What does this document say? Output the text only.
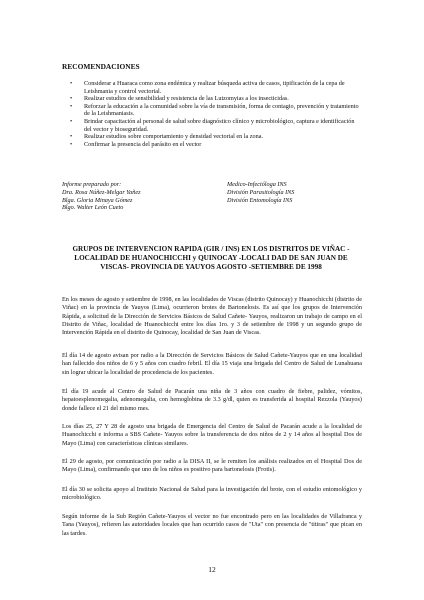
RECOMENDACIONES
• Considerar a Huaraca como zona endémica y realizar búsqueda activa de casos, tipificación de la cepa de Leishmania y control vectorial.
• Realizar estudios de sensibilidad y resistencia de las Lutzomyias a los insecticidas.
• Reforzar la educación a la comunidad sobre la vía de transmisión, forma de contagio, prevención y tratamiento de la Leishmaniasis.
• Brindar capacitación al personal de salud sobre diagnóstico clínico y microbiológico, captura e identificación del vector y bioseguridad.
• Realizar estudios sobre comportamiento y densidad vectorial en la zona.
• Confirmar la presencia del parásito en el vector
Informe preparado por:	Medico-Infectóloga INS
Dra. Rosa Núñez-Melgar Yañez	División Parasitología INS
Blga. Gloria Minaya Gómez	División Entomología INS
Blgo. Walter León Cueto
GRUPOS DE INTERVENCION RAPIDA (GIR / INS) EN LOS DISTRITOS DE VIÑAC - LOCALIDAD DE HUANOCHICCHI y QUINOCAY -LOCALI DAD DE SAN JUAN DE VISCAS- PROVINCIA DE YAUYOS AGOSTO -SETIEMBRE DE 1998

En los meses de agosto y setiembre de 1998, en las localidades de Viscas (distrito Quinocay) y Huanochicchi (distrito de Viñac) en la provincia de Yauyos (Lima), ocurrieron brotes de Bartonelosis. Es así que los grupos de Intervención Rápida, a solicitud de la Dirección de Servicios Básicos de Salud Cañete- Yauyos, realizaron un trabajo de campo en el Distrito de Viñac, localidad de Huanochicchi entre los días 1ro. y 3 de setiembre de 1998 y un segundo grupo de Intervención Rápida en el distrito de Quinocay, localidad de San Juan de Viscas.

El día 14 de agosto avisan por radio a la Dirección de Servicios Básicos de Salud Cañete-Yauyos que en una localidad han fallecido dos niños de 6 y 5 años con cuadro febril. El día 15 viaja una brigada del Centro de Salud de Lunahuana sin lograr ubicar la localidad de procedencia de los pacientes.

El día 19 acude al Centro de Salud de Pacarán una niña de 3 años con cuadro de fiebre, palidez, vómitos, hepatoesplenomegalia, adenomegalia, con hemoglobina de 3.3 g/dl, quien es transferida al hospital Rezzola (Yauyos) donde fallece el 21 del mismo mes.

Los días 25, 27 Y 28 de agosto una brigada de Emergencia del Centro de Salud de Pacarán acude a la localidad de Huanochicchi e informa a SBS Cañete- Yauyos sobre la transferencia de dos niños de 2 y 14 años al hospital Dos de Mayo (Lima) con características clínicas similares.

El 29 de agosto, por comunicación por radio a la DISA II, se le remiten los análisis realizados en el Hospital Dos de Mayo (Lima), confirmando que uno de los niños es positivo para bartonelosis (Frotis).

El día 30 se solicita apoyo al Instituto Nacional de Salud para la investigación del brote, con el estudio entomológico y microbiológico.

Según informe de la Sub Región Cañete-Yauyos el vector no fue encontrado pero en las localidades de Villafranca y Tana (Yauyos), refieren las autoridades locales que han ocurrido casos de "Uta" con presencia de "titiras" que pican en las tardes.

12
